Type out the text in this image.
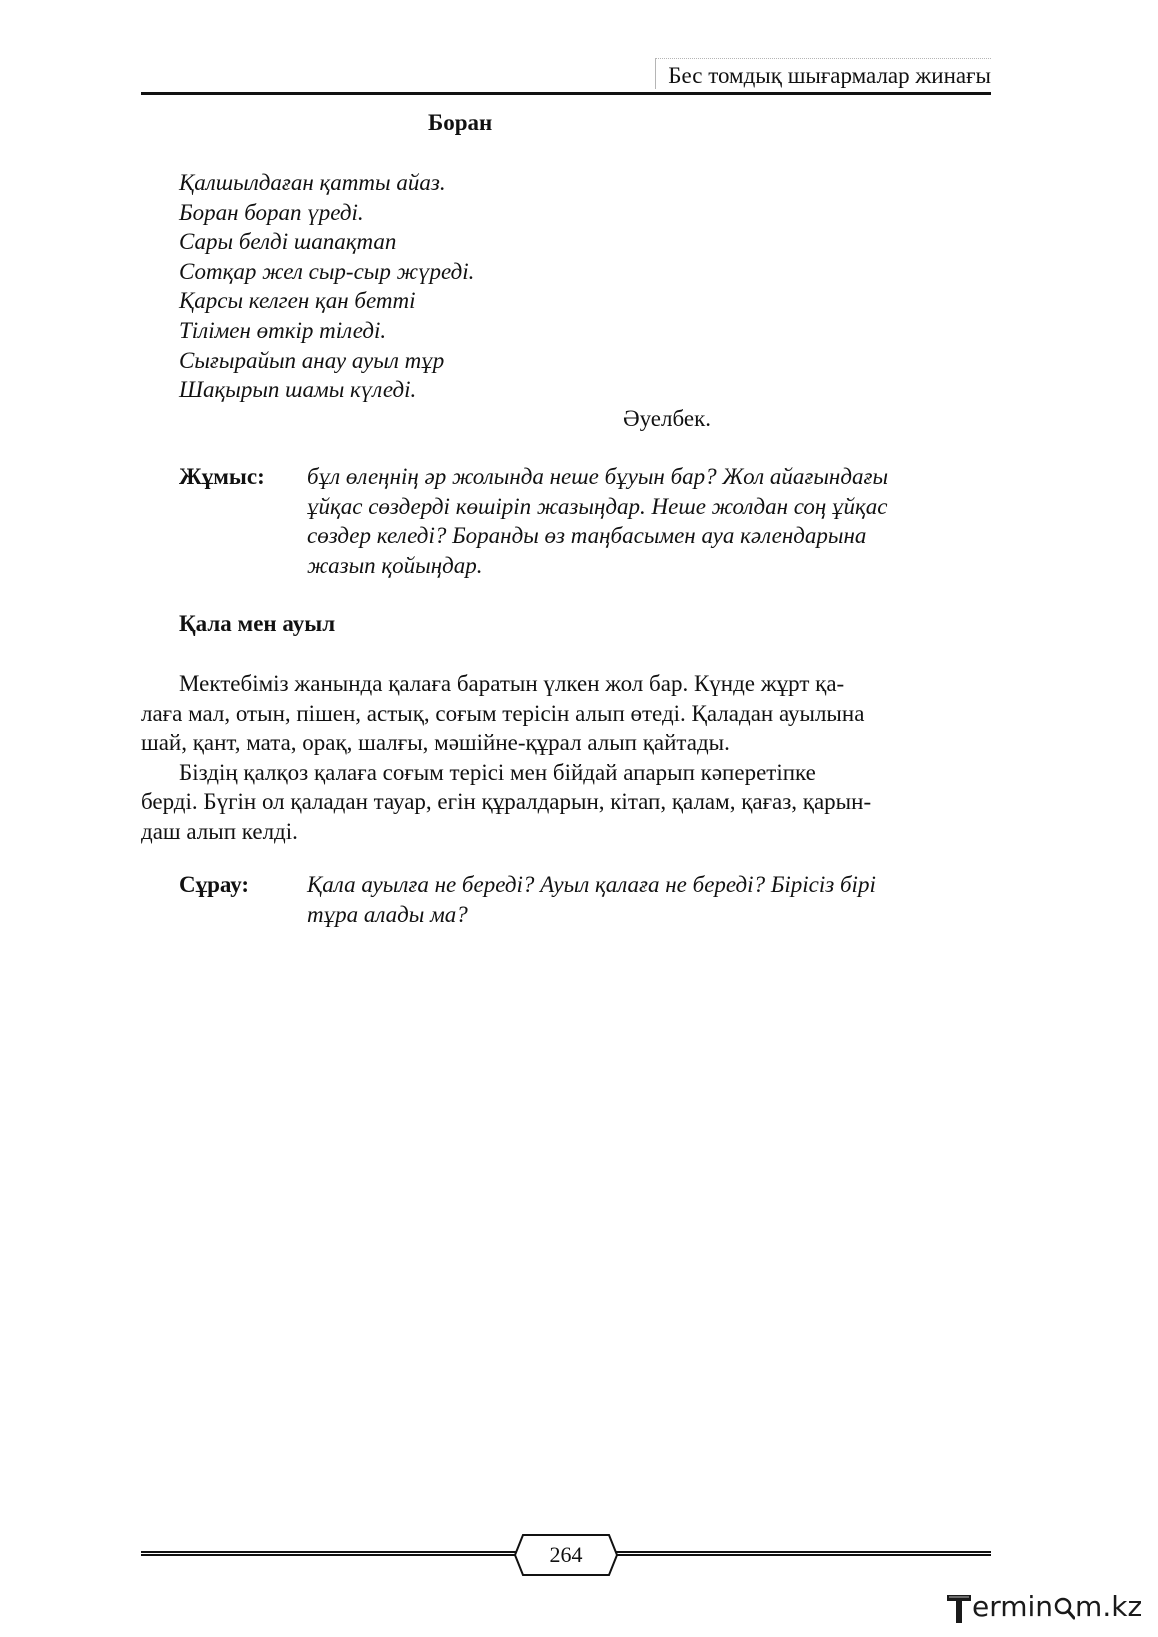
Бес томдық шығармалар жинағы
Боран
Қалшылдаған қатты айаз.
Боран борап үреді.
Сары белді шапақтап
Сотқар жел сыр-сыр жүреді.
Қарсы келген қан бетті
Тілімен өткір тіледі.
Сығырайып анау ауыл тұр
Шақырып шамы күледі.
Әуелбек.
Жұмыс: бұл өлеңнің әр жолында неше бұуын бар? Жол айағындағы
ұйқас сөздерді көшіріп жазыңдар. Неше жолдан соң ұйқас
сөздер келеді? Боранды өз таңбасымен ауа кәлендарына
жазып қойыңдар.
Қала мен ауыл
Мектебіміз жанында қалаға баратын үлкен жол бар. Күнде жұрт қа-
лаға мал, отын, пішен, астық, соғым терісін алып өтеді. Қаладан ауылына
шай, қант, мата, орақ, шалғы, мәшійне-құрал алып қайтады.
Біздің қалқоз қалаға соғым терісі мен бійдай апарып кәперетіпке
берді. Бүгін ол қаладан тауар, егін құралдарын, кітап, қалам, қағаз, қарын-
даш алып келді.
Сұрау:	Қала ауылға не береді? Ауыл қалаға не береді? Бірісіз бірі
тұра алады ма?
264
ermin m.kz
